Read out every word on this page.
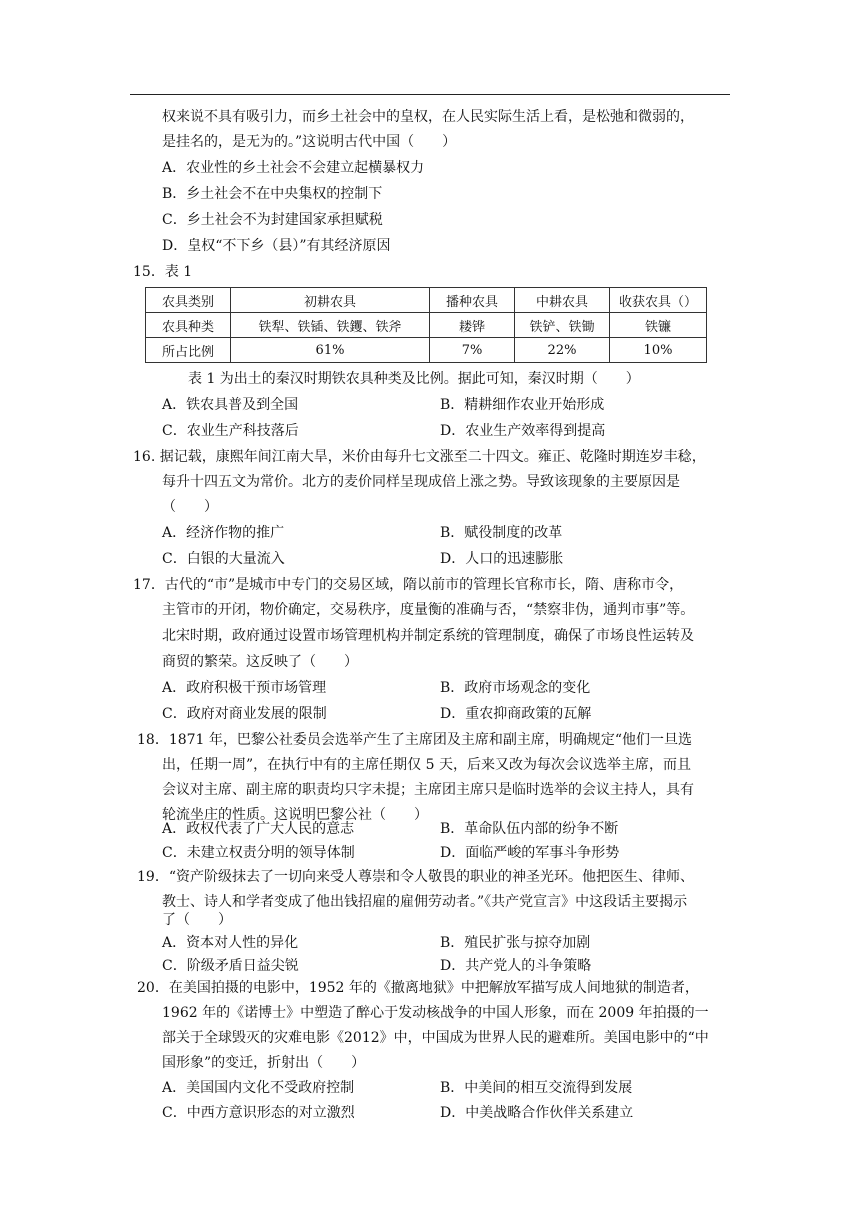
权来说不具有吸引力，而乡土社会中的皇权，在人民实际生活上看，是松弛和微弱的，
是挂名的，是无为的。”这说明古代中国（　　）
A．农业性的乡土社会不会建立起横暴权力
B．乡土社会不在中央集权的控制下
C．乡土社会不为封建国家承担赋税
D．皇权“不下乡（县）”有其经济原因
15．表 1
农具类别	初耕农具	播种农具	中耕农具	收获农具（）
农具种类	铁犁、铁锸、铁钁、铁斧	耧铧	铁铲、铁锄	铁镰
所占比例	61%	7%	22%	10%
表 1 为出土的秦汉时期铁农具种类及比例。据此可知，秦汉时期（　　）
A．铁农具普及到全国	B．精耕细作农业开始形成
C．农业生产科技落后	D．农业生产效率得到提高
16. 据记载，康熙年间江南大旱，米价由每升七文涨至二十四文。雍正、乾隆时期连岁丰稔，
每升十四五文为常价。北方的麦价同样呈现成倍上涨之势。导致该现象的主要原因是
（　　）
A．经济作物的推广	B．赋役制度的改革
C．白银的大量流入	D．人口的迅速膨胀
17．古代的“市”是城市中专门的交易区域，隋以前市的管理长官称市长，隋、唐称市令，
主管市的开闭，物价确定，交易秩序，度量衡的准确与否，“禁察非伪，通判市事”等。
北宋时期，政府通过设置市场管理机构并制定系统的管理制度，确保了市场良性运转及
商贸的繁荣。这反映了（　　）
A．政府积极干预市场管理	B．政府市场观念的变化
C．政府对商业发展的限制	D．重农抑商政策的瓦解
18．1871 年，巴黎公社委员会选举产生了主席团及主席和副主席，明确规定“他们一旦选
出，任期一周”，在执行中有的主席任期仅 5 天，后来又改为每次会议选举主席，而且
会议对主席、副主席的职责均只字未提；主席团主席只是临时选举的会议主持人，具有
轮流坐庄的性质。这说明巴黎公社（　　）
A．政权代表了广大人民的意志	B．革命队伍内部的纷争不断
C．未建立权责分明的领导体制	D．面临严峻的军事斗争形势
19．“资产阶级抹去了一切向来受人尊崇和令人敬畏的职业的神圣光环。他把医生、律师、
教士、诗人和学者变成了他出钱招雇的雇佣劳动者。”《共产党宣言》中这段话主要揭示
了（　　）
A．资本对人性的异化	B．殖民扩张与掠夺加剧
C．阶级矛盾日益尖锐	D．共产党人的斗争策略
20．在美国拍摄的电影中，1952 年的《撤离地狱》中把解放军描写成人间地狱的制造者，
1962 年的《诺博士》中塑造了醉心于发动核战争的中国人形象，而在 2009 年拍摄的一
部关于全球毁灭的灾难电影《2012》中，中国成为世界人民的避难所。美国电影中的“中
国形象”的变迁，折射出（　　）
A．美国国内文化不受政府控制	B．中美间的相互交流得到发展
C．中西方意识形态的对立激烈	D．中美战略合作伙伴关系建立
